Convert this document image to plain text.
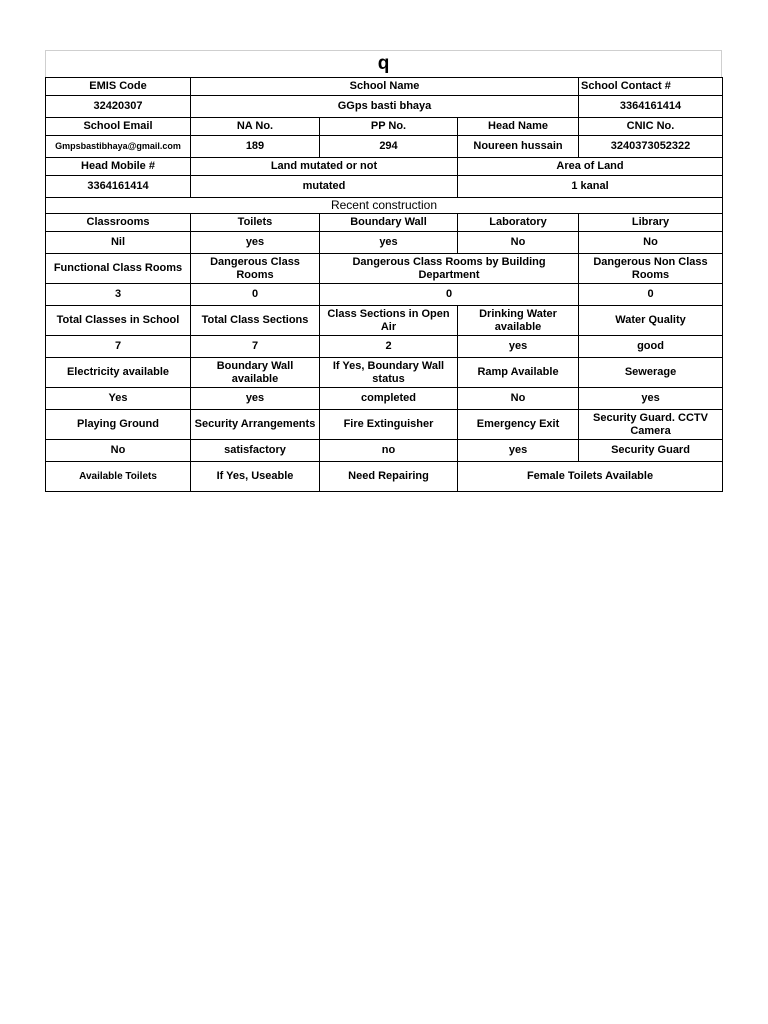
q
EMIS Code	School Name			School Contact #
32420307	GGps basti bhaya			3364161414
School Email	NA No.	PP No.	Head Name	CNIC No.
Gmpsbastibhaya@gmail.com	189	294	Noureen hussain	3240373052322
Head Mobile #	Land mutated or not		Area of Land	
3364161414	mutated		1 kanal	
Recent construction				
Classrooms	Toilets	Boundary Wall	Laboratory	Library
Nil	yes	yes	No	No
Functional Class Rooms	Dangerous Class Rooms	Dangerous Class Rooms by Building Department		Dangerous Non Class Rooms
3	0	0		0
Total Classes in School	Total Class Sections	Class Sections in Open Air	Drinking Water available	Water Quality
7	7	2	yes	good
Electricity available	Boundary Wall available	If Yes, Boundary Wall status	Ramp Available	Sewerage
Yes	yes	completed	No	yes
Playing Ground	Security Arrangements	Fire Extinguisher	Emergency Exit	Security Guard. CCTV Camera
No	satisfactory	no	yes	Security Guard
Available Toilets	If Yes, Useable	Need Repairing	Female Toilets Available	
